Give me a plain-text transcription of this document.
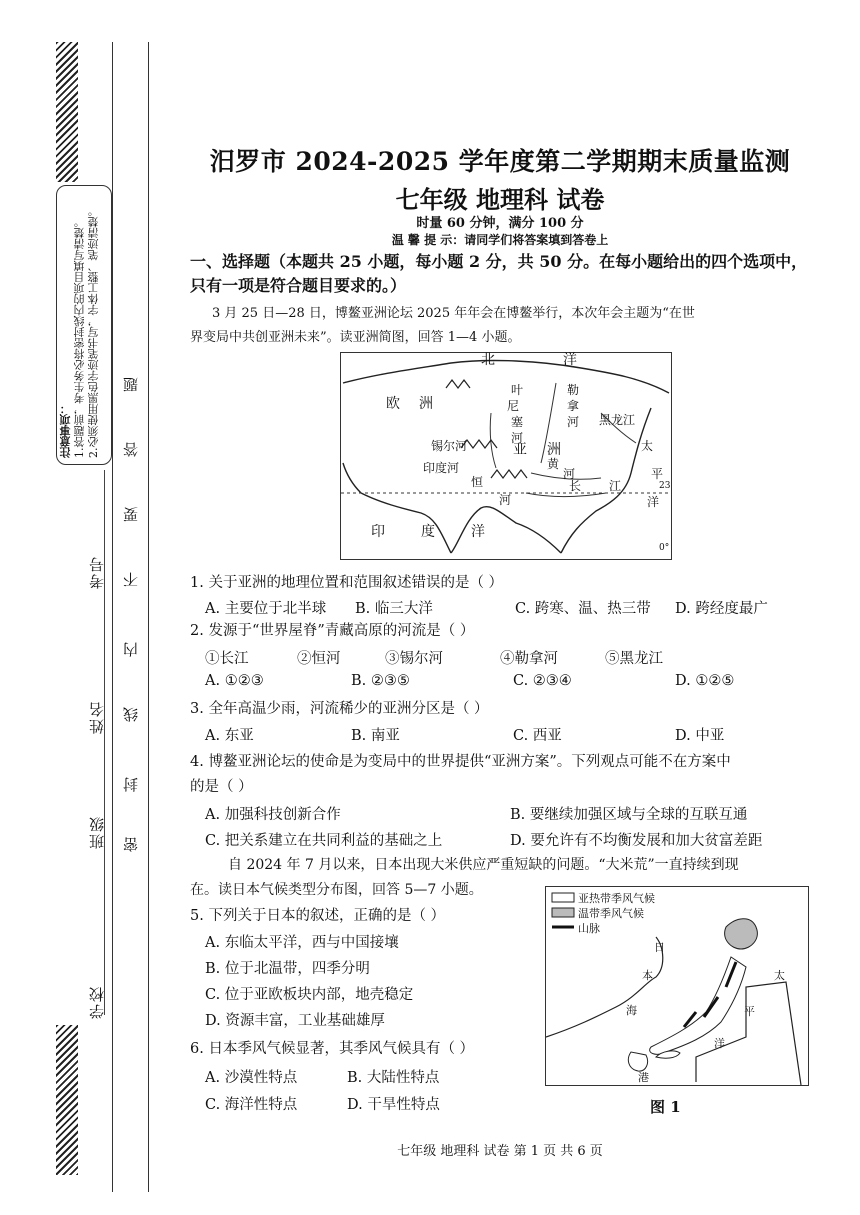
注意事项： 1.答题前，考生务必将密封线内的项目填写清楚。 2.必须使用黑色字迹笔书写，字体工整、笔迹清楚。
考号
姓名
班级
学校
密
封
线
内
不
要
答
题
汨罗市 2024-2025 学年度第二学期期末质量监测
七年级 地理科 试卷
时量 60 分钟，满分 100 分
温 馨 提 示：请同学们将答案填到答卷上
一、选择题（本题共 25 小题，每小题 2 分，共 50 分。在每小题给出的四个选项中，只有一项是符合题目要求的。）
3 月 25 日—28 日，博鳌亚洲论坛 2025 年年会在博鳌举行，本次年会主题为“在世
界变局中共创亚洲未来”。读亚洲简图，回答 1—4 小题。
北	洋
欧 洲
叶
尼
塞
河
勒
拿
河 黑龙江
锡尔河
印度河
亚 洲
黄
河
恒
河
长 江
太
平
洋
23
0°
印	度	洋
1. 关于亚洲的地理位置和范围叙述错误的是（ ）
A. 主要位于北半球	B. 临三大洋	C. 跨寒、温、热三带	D. 跨经度最广
2. 发源于“世界屋脊”青藏高原的河流是（ ）
①长江	②恒河	③锡尔河	④勒拿河	⑤黑龙江
A. ①②③	B. ②③⑤	C. ②③④	D. ①②⑤
3. 全年高温少雨，河流稀少的亚洲分区是（ ）
A. 东亚	B. 南亚	C. 西亚	D. 中亚
4. 博鳌亚洲论坛的使命是为变局中的世界提供“亚洲方案”。下列观点可能不在方案中
的是（ ）
A. 加强科技创新合作	B. 要继续加强区域与全球的互联互通
C. 把关系建立在共同利益的基础之上	D. 要允许有不均衡发展和加大贫富差距
自 2024 年 7 月以来，日本出现大米供应严重短缺的问题。“大米荒”一直持续到现
在。读日本气候类型分布图，回答 5—7 小题。
5. 下列关于日本的叙述，正确的是（ ）
A. 东临太平洋，西与中国接壤
B. 位于北温带，四季分明
C. 位于亚欧板块内部，地壳稳定
D. 资源丰富，工业基础雄厚
6. 日本季风气候显著，其季风气候具有（ ）
A. 沙漠性特点	B. 大陆性特点
C. 海洋性特点	D. 干旱性特点
亚热带季风气候
温带季风气候
山脉
日
本
海
太
平
洋
港
图 1
七年级 地理科 试卷 第 1 页 共 6 页
